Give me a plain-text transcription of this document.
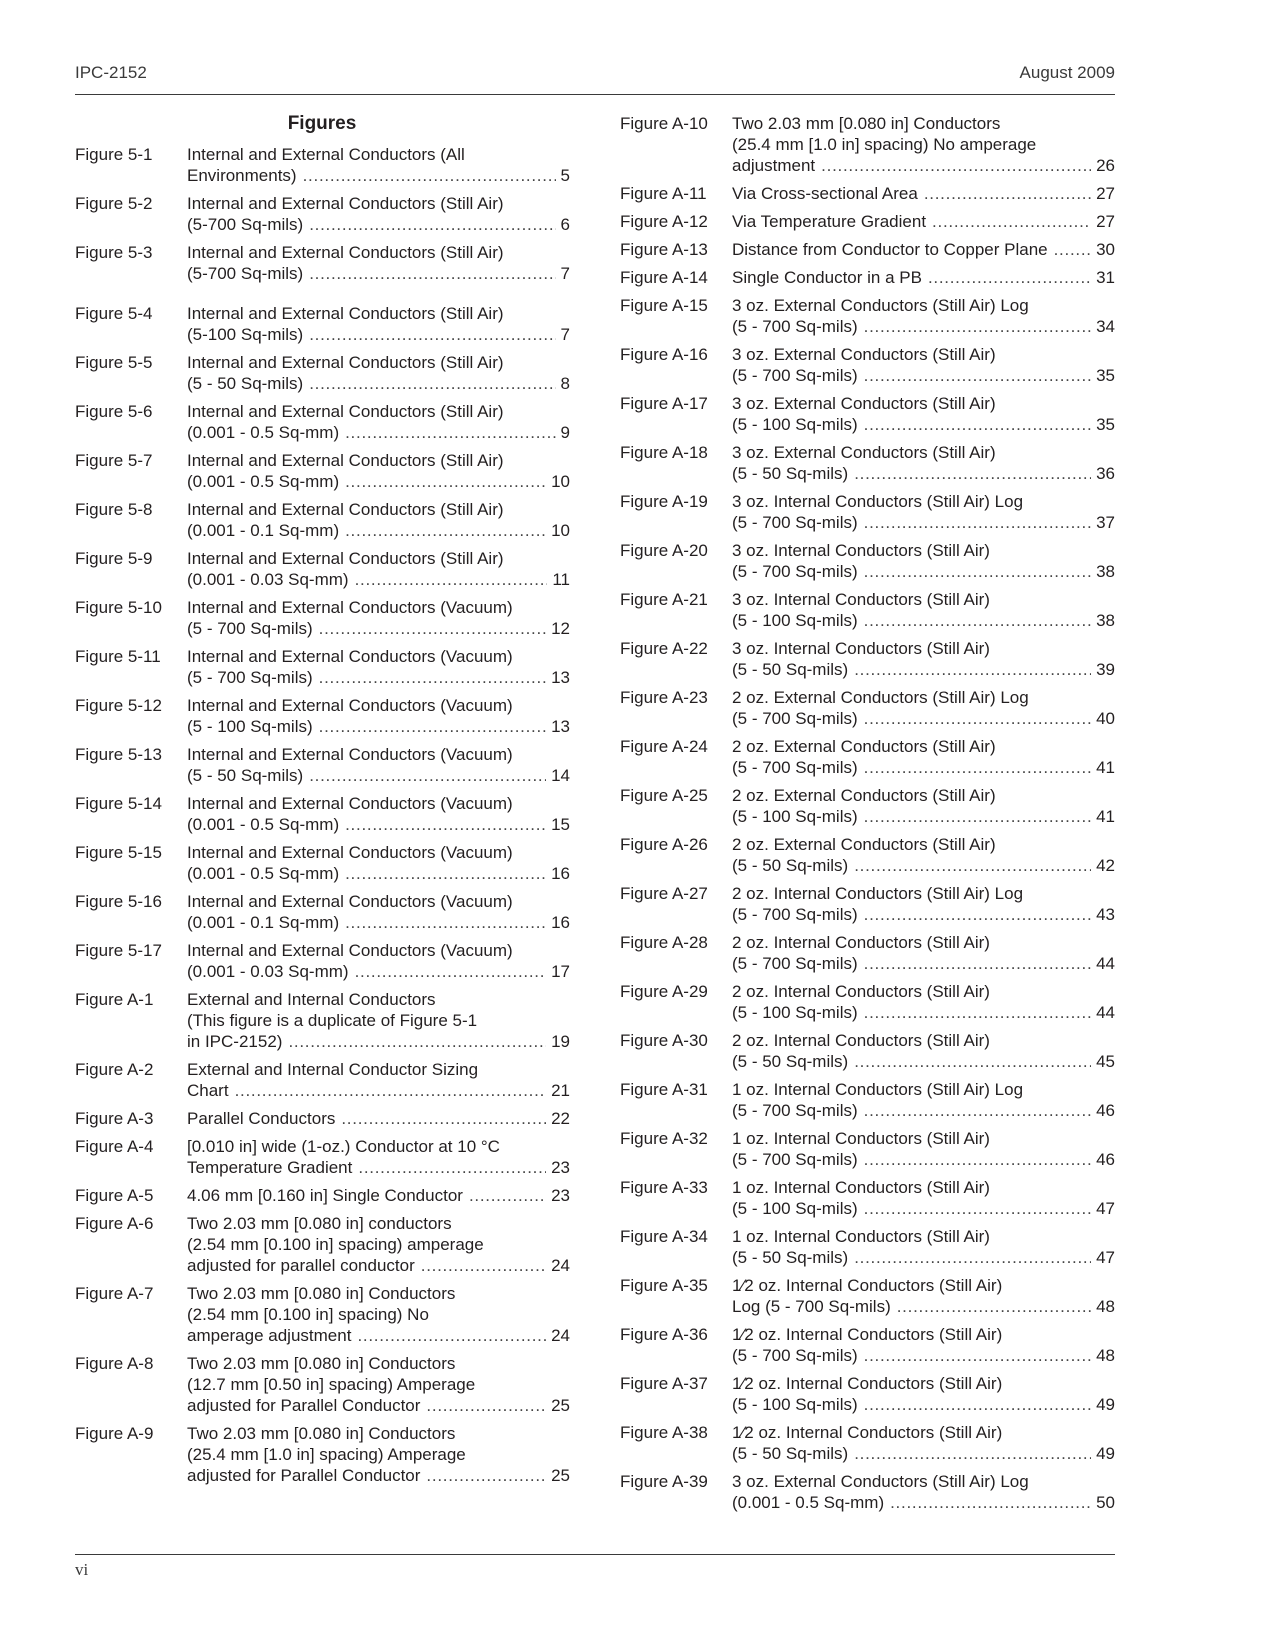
IPC-2152	August 2009
Figures
Figure 5-1	Internal and External Conductors (All
Environments) . . .	5
Figure 5-2	Internal and External Conductors (Still Air)
(5-700 Sq-mils) . . .	6
Figure 5-3	Internal and External Conductors (Still Air)
(5-700 Sq-mils) . . .	7
Figure 5-4	Internal and External Conductors (Still Air)
(5-100 Sq-mils) . . .	7
Figure 5-5	Internal and External Conductors (Still Air)
(5 - 50 Sq-mils) . . .	8
Figure 5-6	Internal and External Conductors (Still Air)
(0.001 - 0.5 Sq-mm) . . .	9
Figure 5-7	Internal and External Conductors (Still Air)
(0.001 - 0.5 Sq-mm) . . .	10
Figure 5-8	Internal and External Conductors (Still Air)
(0.001 - 0.1 Sq-mm) . . .	10
Figure 5-9	Internal and External Conductors (Still Air)
(0.001 - 0.03 Sq-mm) . . .	11
Figure 5-10	Internal and External Conductors (Vacuum)
(5 - 700 Sq-mils) . . .	12
Figure 5-11	Internal and External Conductors (Vacuum)
(5 - 700 Sq-mils) . . .	13
Figure 5-12	Internal and External Conductors (Vacuum)
(5 - 100 Sq-mils) . . .	13
Figure 5-13	Internal and External Conductors (Vacuum)
(5 - 50 Sq-mils) . . .	14
Figure 5-14	Internal and External Conductors (Vacuum)
(0.001 - 0.5 Sq-mm) . . .	15
Figure 5-15	Internal and External Conductors (Vacuum)
(0.001 - 0.5 Sq-mm) . . .	16
Figure 5-16	Internal and External Conductors (Vacuum)
(0.001 - 0.1 Sq-mm) . . .	16
Figure 5-17	Internal and External Conductors (Vacuum)
(0.001 - 0.03 Sq-mm) . . .	17
Figure A-1	External and Internal Conductors
(This figure is a duplicate of Figure 5-1
in IPC-2152) . . .	19
Figure A-2	External and Internal Conductor Sizing
Chart . . .	21
Figure A-3	Parallel Conductors . . .	22
Figure A-4	[0.010 in] wide (1-oz.) Conductor at 10 °C
Temperature Gradient . . .	23
Figure A-5	4.06 mm [0.160 in] Single Conductor . . .	23
Figure A-6	Two 2.03 mm [0.080 in] conductors
(2.54 mm [0.100 in] spacing) amperage
adjusted for parallel conductor . . .	24
Figure A-7	Two 2.03 mm [0.080 in] Conductors
(2.54 mm [0.100 in] spacing) No
amperage adjustment . . .	24
Figure A-8	Two 2.03 mm [0.080 in] Conductors
(12.7 mm [0.50 in] spacing) Amperage
adjusted for Parallel Conductor . . .	25
Figure A-9	Two 2.03 mm [0.080 in] Conductors
(25.4 mm [1.0 in] spacing) Amperage
adjusted for Parallel Conductor . . .	25
Figure A-10	Two 2.03 mm [0.080 in] Conductors
(25.4 mm [1.0 in] spacing) No amperage
adjustment . . .	26
Figure A-11	Via Cross-sectional Area . . .	27
Figure A-12	Via Temperature Gradient . . .	27
Figure A-13	Distance from Conductor to Copper Plane . . .	30
Figure A-14	Single Conductor in a PB . . .	31
Figure A-15	3 oz. External Conductors (Still Air) Log
(5 - 700 Sq-mils) . . .	34
Figure A-16	3 oz. External Conductors (Still Air)
(5 - 700 Sq-mils) . . .	35
Figure A-17	3 oz. External Conductors (Still Air)
(5 - 100 Sq-mils) . . .	35
Figure A-18	3 oz. External Conductors (Still Air)
(5 - 50 Sq-mils) . . .	36
Figure A-19	3 oz. Internal Conductors (Still Air) Log
(5 - 700 Sq-mils) . . .	37
Figure A-20	3 oz. Internal Conductors (Still Air)
(5 - 700 Sq-mils) . . .	38
Figure A-21	3 oz. Internal Conductors (Still Air)
(5 - 100 Sq-mils) . . .	38
Figure A-22	3 oz. Internal Conductors (Still Air)
(5 - 50 Sq-mils) . . .	39
Figure A-23	2 oz. External Conductors (Still Air) Log
(5 - 700 Sq-mils) . . .	40
Figure A-24	2 oz. External Conductors (Still Air)
(5 - 700 Sq-mils) . . .	41
Figure A-25	2 oz. External Conductors (Still Air)
(5 - 100 Sq-mils) . . .	41
Figure A-26	2 oz. External Conductors (Still Air)
(5 - 50 Sq-mils) . . .	42
Figure A-27	2 oz. Internal Conductors (Still Air) Log
(5 - 700 Sq-mils) . . .	43
Figure A-28	2 oz. Internal Conductors (Still Air)
(5 - 700 Sq-mils) . . .	44
Figure A-29	2 oz. Internal Conductors (Still Air)
(5 - 100 Sq-mils) . . .	44
Figure A-30	2 oz. Internal Conductors (Still Air)
(5 - 50 Sq-mils) . . .	45
Figure A-31	1 oz. Internal Conductors (Still Air) Log
(5 - 700 Sq-mils) . . .	46
Figure A-32	1 oz. Internal Conductors (Still Air)
(5 - 700 Sq-mils) . . .	46
Figure A-33	1 oz. Internal Conductors (Still Air)
(5 - 100 Sq-mils) . . .	47
Figure A-34	1 oz. Internal Conductors (Still Air)
(5 - 50 Sq-mils) . . .	47
Figure A-35	1⁄2 oz. Internal Conductors (Still Air)
Log (5 - 700 Sq-mils) . . .	48
Figure A-36	1⁄2 oz. Internal Conductors (Still Air)
(5 - 700 Sq-mils) . . .	48
Figure A-37	1⁄2 oz. Internal Conductors (Still Air)
(5 - 100 Sq-mils) . . .	49
Figure A-38	1⁄2 oz. Internal Conductors (Still Air)
(5 - 50 Sq-mils) . . .	49
Figure A-39	3 oz. External Conductors (Still Air) Log
(0.001 - 0.5 Sq-mm) . . .	50
vi
